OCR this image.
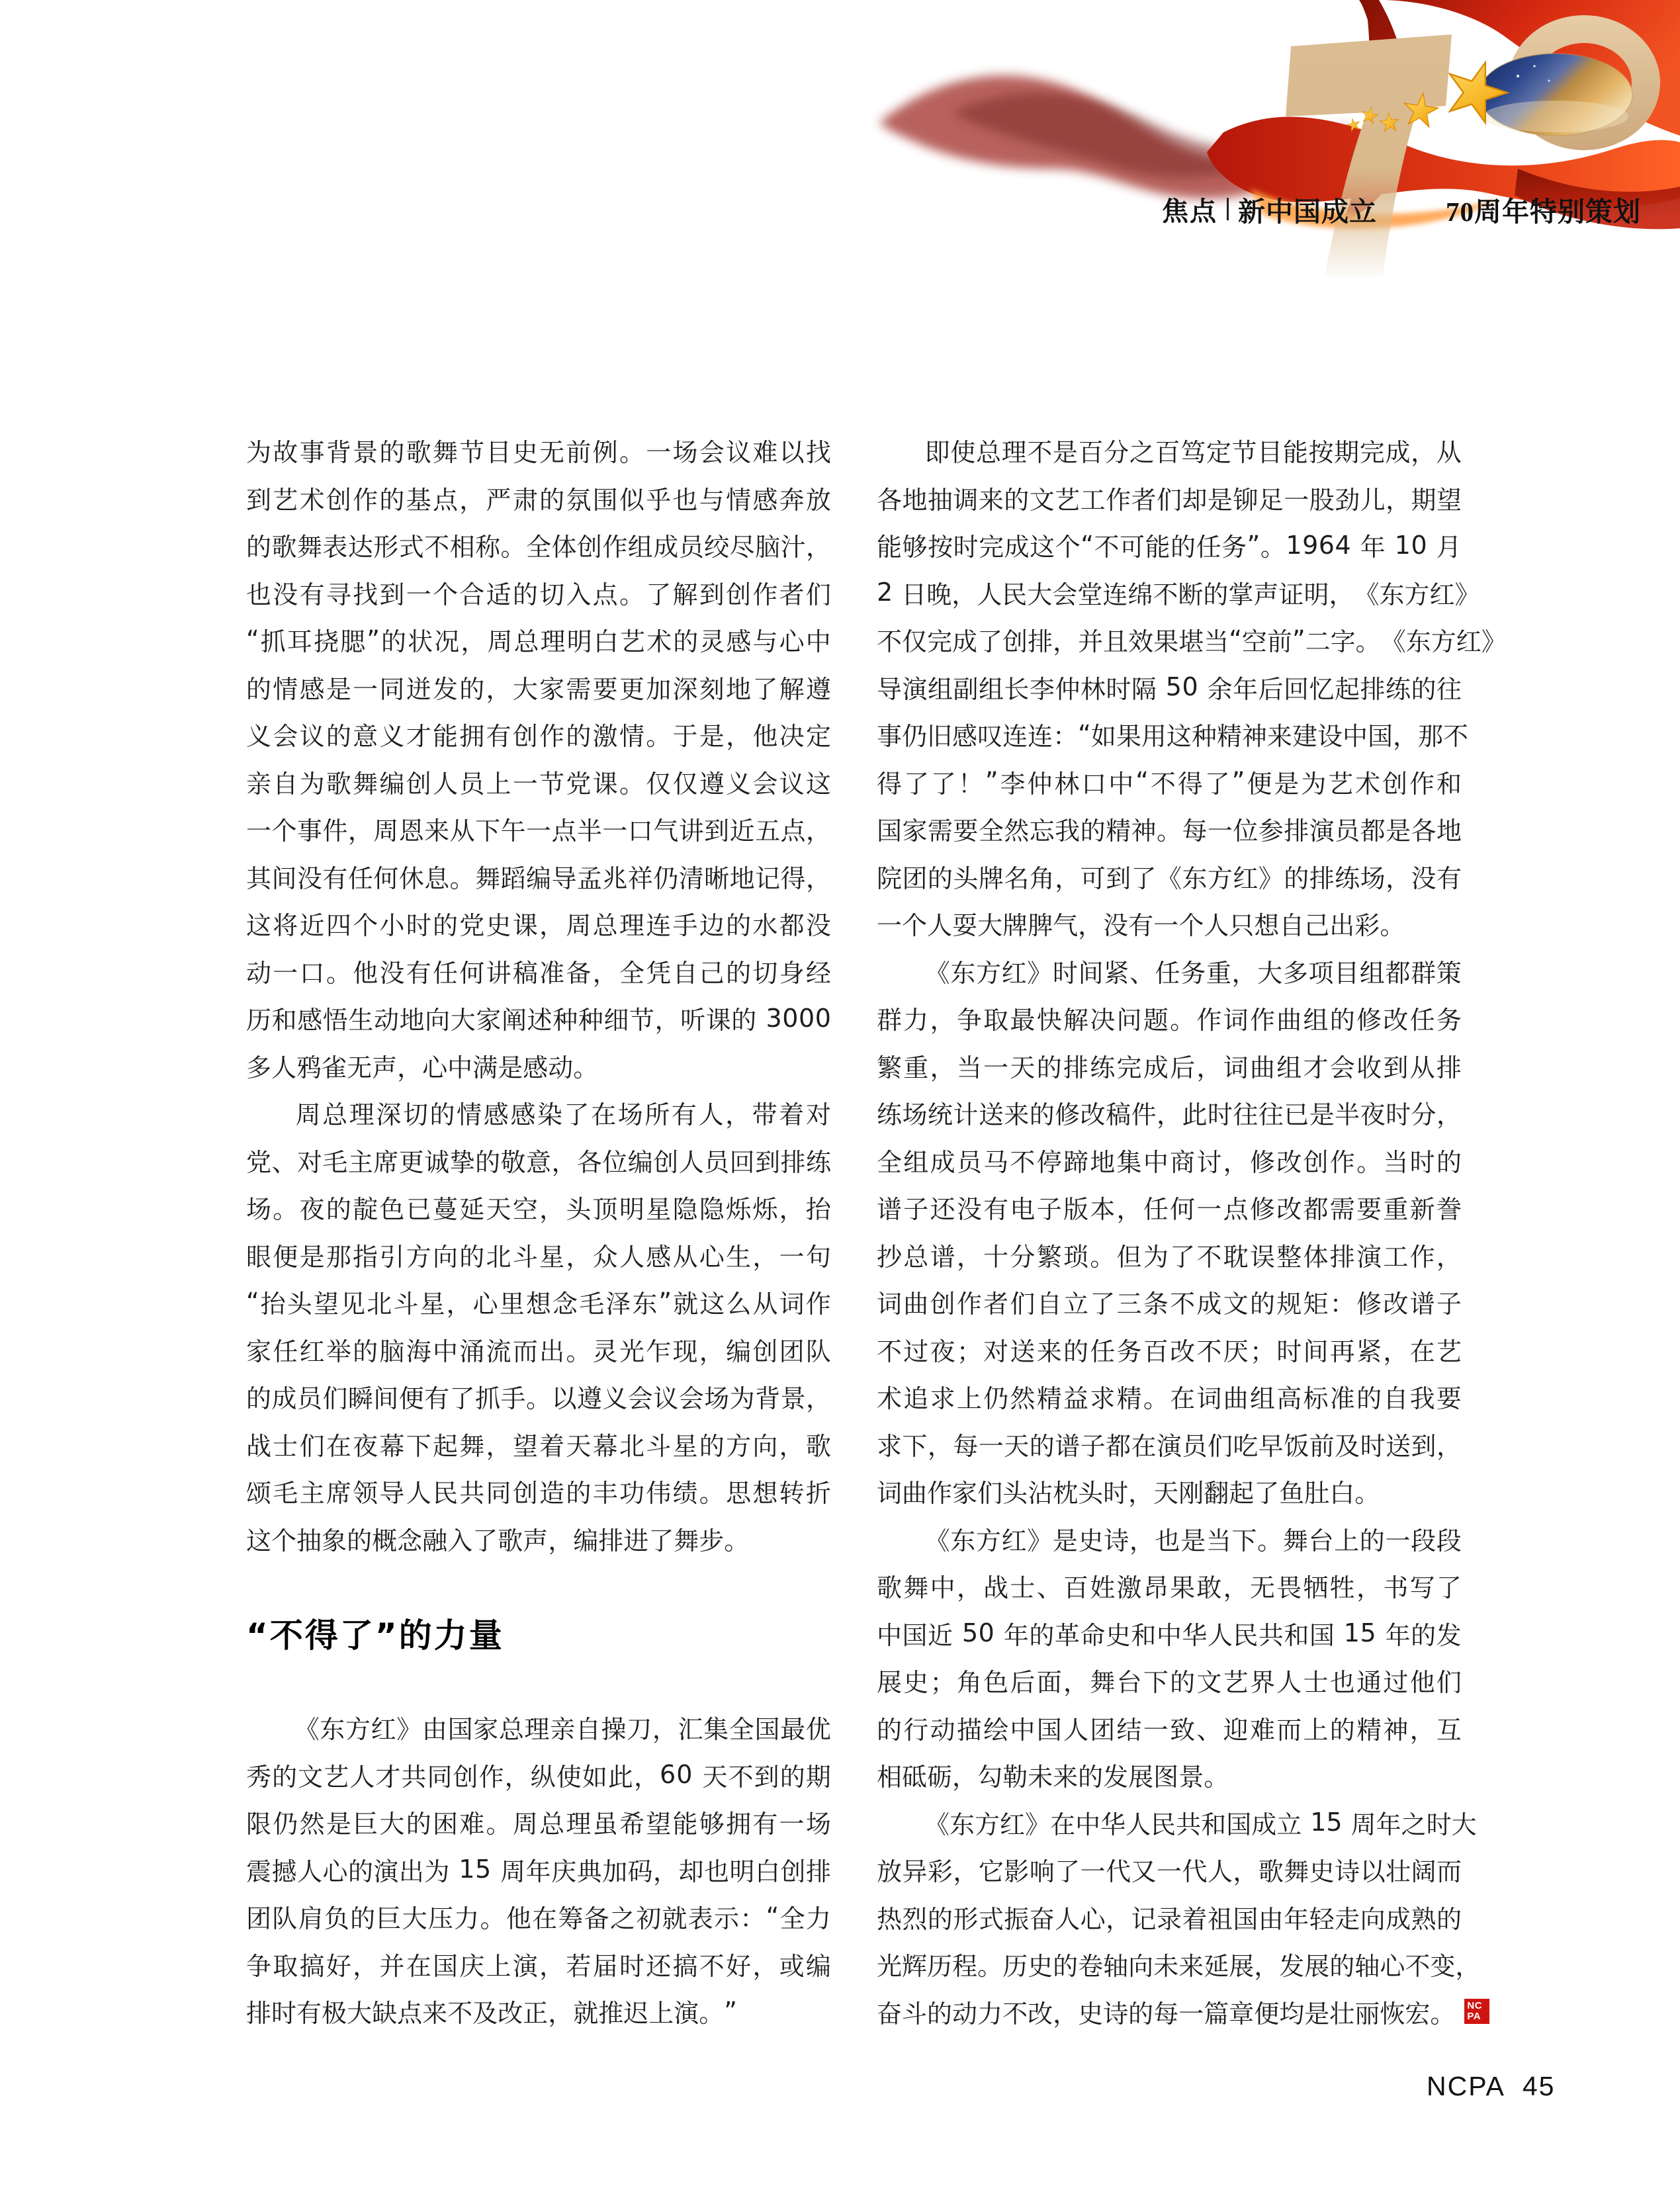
焦点 新中国成立	70周年特别策划
为 故 事 背 景 的 歌 舞 节 目 史 无 前 例 。 一 场 会 议 难 以 找
到 艺 术 创 作 的 基 点 ， 严 肃 的 氛 围 似 乎 也 与 情 感 奔 放
的 歌 舞 表 达 形 式 不 相 称 。 全 体 创 作 组 成 员 绞 尽 脑 汁 ，
也 没 有 寻 找 到 一 个 合 适 的 切 入 点 。 了 解 到 创 作 者 们
“ 抓 耳 挠 腮 ” 的 状 况 ， 周 总 理 明 白 艺 术 的 灵 感 与 心 中
的 情 感 是 一 同 迸 发 的 ， 大 家 需 要 更 加 深 刻 地 了 解 遵
义 会 议 的 意 义 才 能 拥 有 创 作 的 激 情 。 于 是 ， 他 决 定
亲 自 为 歌 舞 编 创 人 员 上 一 节 党 课 。 仅 仅 遵 义 会 议 这
一 个 事 件 ， 周 恩 来 从 下 午 一 点 半 一 口 气 讲 到 近 五 点 ，
其 间 没 有 任 何 休 息 。 舞 蹈 编 导 孟 兆 祥 仍 清 晰 地 记 得 ，
这 将 近 四 个 小 时 的 党 史 课 ， 周 总 理 连 手 边 的 水 都 没
动 一 口 。 他 没 有 任 何 讲 稿 准 备 ， 全 凭 自 己 的 切 身 经
历 和 感 悟 生 动 地 向 大 家 阐 述 种 种 细 节 ， 听 课 的 3 0 0 0
多 人 鸦 雀 无 声 ， 心 中 满 是 感 动 。
周 总 理 深 切 的 情 感 感 染 了 在 场 所 有 人 ， 带 着 对
党 、 对 毛 主 席 更 诚 挚 的 敬 意 ， 各 位 编 创 人 员 回 到 排 练
场 。 夜 的 靛 色 已 蔓 延 天 空 ， 头 顶 明 星 隐 隐 烁 烁 ， 抬
眼 便 是 那 指 引 方 向 的 北 斗 星 ， 众 人 感 从 心 生 ， 一 句
“ 抬 头 望 见 北 斗 星 ， 心 里 想 念 毛 泽 东 ” 就 这 么 从 词 作
家 任 红 举 的 脑 海 中 涌 流 而 出 。 灵 光 乍 现 ， 编 创 团 队
的 成 员 们 瞬 间 便 有 了 抓 手 。 以 遵 义 会 议 会 场 为 背 景 ，
战 士 们 在 夜 幕 下 起 舞 ， 望 着 天 幕 北 斗 星 的 方 向 ， 歌
颂 毛 主 席 领 导 人 民 共 同 创 造 的 丰 功 伟 绩 。 思 想 转 折
这 个 抽 象 的 概 念 融 入 了 歌 声 ， 编 排 进 了 舞 步 。
“不得了”的力量
《 东 方 红 》 由 国 家 总 理 亲 自 操 刀 ， 汇 集 全 国 最 优
秀 的 文 艺 人 才 共 同 创 作 ， 纵 使 如 此 ， 6 0 天 不 到 的 期
限 仍 然 是 巨 大 的 困 难 。 周 总 理 虽 希 望 能 够 拥 有 一 场
震 撼 人 心 的 演 出 为 1 5 周 年 庆 典 加 码 ， 却 也 明 白 创 排
团 队 肩 负 的 巨 大 压 力 。 他 在 筹 备 之 初 就 表 示 ： “ 全 力
争 取 搞 好 ， 并 在 国 庆 上 演 ， 若 届 时 还 搞 不 好 ， 或 编
排 时 有 极 大 缺 点 来 不 及 改 正 ， 就 推 迟 上 演 。 ”
即 使 总 理 不 是 百 分 之 百 笃 定 节 目 能 按 期 完 成 ， 从
各 地 抽 调 来 的 文 艺 工 作 者 们 却 是 铆 足 一 股 劲 儿 ， 期 望
能 够 按 时 完 成 这 个 “ 不 可 能 的 任 务 ” 。 1 9 6 4 年 1 0 月
2 日 晚 ， 人 民 大 会 堂 连 绵 不 断 的 掌 声 证 明 ， 《 东 方 红 》
不 仅 完 成 了 创 排 ， 并 且 效 果 堪 当 “ 空 前 ” 二 字 。 《 东 方 红 》
导 演 组 副 组 长 李 仲 林 时 隔 5 0 余 年 后 回 忆 起 排 练 的 往
事 仍 旧 感 叹 连 连 ： “ 如 果 用 这 种 精 神 来 建 设 中 国 ， 那 不
得 了 了 ！ ” 李 仲 林 口 中 “ 不 得 了 ” 便 是 为 艺 术 创 作 和
国 家 需 要 全 然 忘 我 的 精 神 。 每 一 位 参 排 演 员 都 是 各 地
院 团 的 头 牌 名 角 ， 可 到 了 《 东 方 红 》 的 排 练 场 ， 没 有
一 个 人 耍 大 牌 脾 气 ， 没 有 一 个 人 只 想 自 己 出 彩 。
《 东 方 红 》 时 间 紧 、 任 务 重 ， 大 多 项 目 组 都 群 策
群 力 ， 争 取 最 快 解 决 问 题 。 作 词 作 曲 组 的 修 改 任 务
繁 重 ， 当 一 天 的 排 练 完 成 后 ， 词 曲 组 才 会 收 到 从 排
练 场 统 计 送 来 的 修 改 稿 件 ， 此 时 往 往 已 是 半 夜 时 分 ，
全 组 成 员 马 不 停 蹄 地 集 中 商 讨 ， 修 改 创 作 。 当 时 的
谱 子 还 没 有 电 子 版 本 ， 任 何 一 点 修 改 都 需 要 重 新 誊
抄 总 谱 ， 十 分 繁 琐 。 但 为 了 不 耽 误 整 体 排 演 工 作 ，
词 曲 创 作 者 们 自 立 了 三 条 不 成 文 的 规 矩 ： 修 改 谱 子
不 过 夜 ； 对 送 来 的 任 务 百 改 不 厌 ； 时 间 再 紧 ， 在 艺
术 追 求 上 仍 然 精 益 求 精 。 在 词 曲 组 高 标 准 的 自 我 要
求 下 ， 每 一 天 的 谱 子 都 在 演 员 们 吃 早 饭 前 及 时 送 到 ，
词 曲 作 家 们 头 沾 枕 头 时 ， 天 刚 翻 起 了 鱼 肚 白 。
《 东 方 红 》 是 史 诗 ， 也 是 当 下 。 舞 台 上 的 一 段 段
歌 舞 中 ， 战 士 、 百 姓 激 昂 果 敢 ， 无 畏 牺 牲 ， 书 写 了
中 国 近 5 0 年 的 革 命 史 和 中 华 人 民 共 和 国 1 5 年 的 发
展 史 ； 角 色 后 面 ， 舞 台 下 的 文 艺 界 人 士 也 通 过 他 们
的 行 动 描 绘 中 国 人 团 结 一 致 、 迎 难 而 上 的 精 神 ， 互
相 砥 砺 ， 勾 勒 未 来 的 发 展 图 景 。
《 东 方 红 》 在 中 华 人 民 共 和 国 成 立 1 5 周 年 之 时 大
放 异 彩 ， 它 影 响 了 一 代 又 一 代 人 ， 歌 舞 史 诗 以 壮 阔 而
热 烈 的 形 式 振 奋 人 心 ， 记 录 着 祖 国 由 年 轻 走 向 成 熟 的
光 辉 历 程 。 历 史 的 卷 轴 向 未 来 延 展 ， 发 展 的 轴 心 不 变 ，
奋 斗 的 动 力 不 改 ， 史 诗 的 每 一 篇 章 便 均 是 壮 丽 恢 宏 。 NC
PA
NCPA 45
